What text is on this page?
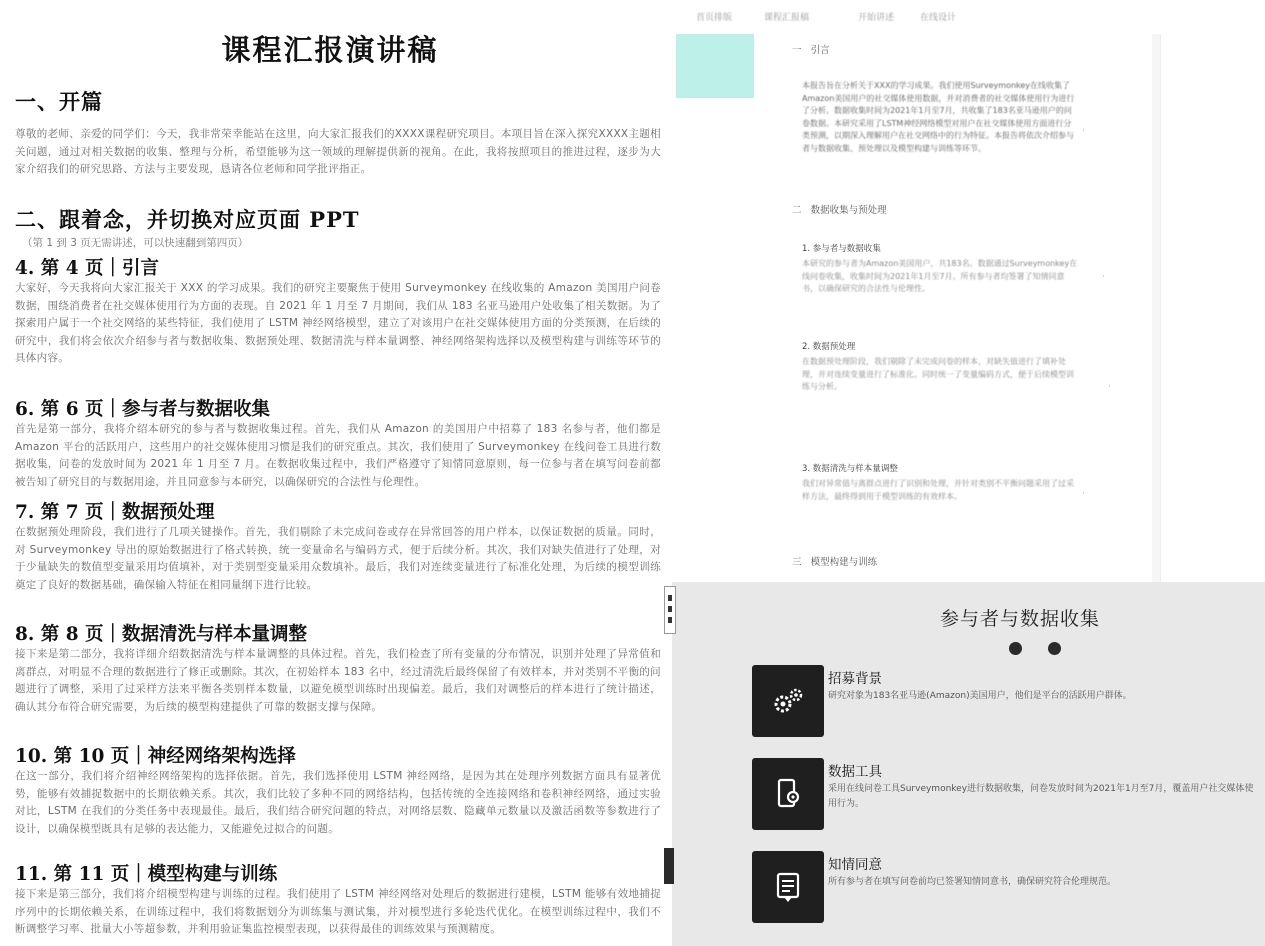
课程汇报演讲稿
一、开篇

尊敬的老师、亲爱的同学们：今天，我非常荣幸能站在这里，向大家汇报我们的XXXX课程研究项目。本项目旨在深入探究XXXX主题相关问题，通过对相关数据的收集、整理与分析，希望能够为这一领域的理解提供新的视角。在此，我将按照项目的推进过程，逐步为大家介绍我们的研究思路、方法与主要发现，恳请各位老师和同学批评指正。

二、跟着念，并切换对应页面 PPT

（第 1 到 3 页无需讲述，可以快速翻到第四页）

4. 第 4 页｜引言

大家好，今天我将向大家汇报关于 XXX 的学习成果。我们的研究主要聚焦于使用 Surveymonkey 在线收集的 Amazon 美国用户问卷数据，围绕消费者在社交媒体使用行为方面的表现。自 2021 年 1 月至 7 月期间，我们从 183 名亚马逊用户处收集了相关数据。为了探索用户属于一个社交网络的某些特征，我们使用了 LSTM 神经网络模型，建立了对该用户在社交媒体使用方面的分类预测，在后续的研究中，我们将会依次介绍参与者与数据收集、数据预处理、数据清洗与样本量调整、神经网络架构选择以及模型构建与训练等环节的具体内容。

6. 第 6 页｜参与者与数据收集

首先是第一部分，我将介绍本研究的参与者与数据收集过程。首先，我们从 Amazon 的美国用户中招募了 183 名参与者，他们都是 Amazon 平台的活跃用户，这些用户的社交媒体使用习惯是我们的研究重点。其次，我们使用了 Surveymonkey 在线问卷工具进行数据收集，问卷的发放时间为 2021 年 1 月至 7 月。在数据收集过程中，我们严格遵守了知情同意原则，每一位参与者在填写问卷前都被告知了研究目的与数据用途，并且同意参与本研究，以确保研究的合法性与伦理性。

7. 第 7 页｜数据预处理

在数据预处理阶段，我们进行了几项关键操作。首先，我们剔除了未完成问卷或存在异常回答的用户样本，以保证数据的质量。同时，对 Surveymonkey 导出的原始数据进行了格式转换，统一变量命名与编码方式，便于后续分析。其次，我们对缺失值进行了处理，对于少量缺失的数值型变量采用均值填补，对于类别型变量采用众数填补。最后，我们对连续变量进行了标准化处理，为后续的模型训练奠定了良好的数据基础，确保输入特征在相同量纲下进行比较。

8. 第 8 页｜数据清洗与样本量调整

接下来是第二部分，我将详细介绍数据清洗与样本量调整的具体过程。首先，我们检查了所有变量的分布情况，识别并处理了异常值和离群点，对明显不合理的数据进行了修正或删除。其次，在初始样本 183 名中，经过清洗后最终保留了有效样本，并对类别不平衡的问题进行了调整，采用了过采样方法来平衡各类别样本数量，以避免模型训练时出现偏差。最后，我们对调整后的样本进行了统计描述，确认其分布符合研究需要，为后续的模型构建提供了可靠的数据支撑与保障。

10. 第 10 页｜神经网络架构选择

在这一部分，我们将介绍神经网络架构的选择依据。首先，我们选择使用 LSTM 神经网络，是因为其在处理序列数据方面具有显著优势，能够有效捕捉数据中的长期依赖关系。其次，我们比较了多种不同的网络结构，包括传统的全连接网络和卷积神经网络，通过实验对比，LSTM 在我们的分类任务中表现最佳。最后，我们结合研究问题的特点，对网络层数、隐藏单元数量以及激活函数等参数进行了设计，以确保模型既具有足够的表达能力，又能避免过拟合的问题。

11. 第 11 页｜模型构建与训练

接下来是第三部分，我们将介绍模型构建与训练的过程。我们使用了 LSTM 神经网络对处理后的数据进行建模，LSTM 能够有效地捕捉序列中的长期依赖关系，在训练过程中，我们将数据划分为训练集与测试集，并对模型进行多轮迭代优化。在模型训练过程中，我们不断调整学习率、批量大小等超参数，并利用验证集监控模型表现，以获得最佳的训练效果与预测精度。

首页排版	课程汇报稿	开始讲述	在线设计
一 引言

本报告旨在分析关于XXX的学习成果。我们使用Surveymonkey在线收集了Amazon美国用户的社交媒体使用数据，并对消费者的社交媒体使用行为进行了分析。数据收集时间为2021年1月至7月，共收集了183名亚马逊用户的问卷数据。本研究采用了LSTM神经网络模型对用户在社交媒体使用方面进行分类预测，以期深入理解用户在社交网络中的行为特征。本报告将依次介绍参与者与数据收集、预处理以及模型构建与训练等环节。

·
二 数据收集与预处理
1. 参与者与数据收集

本研究的参与者为Amazon美国用户，共183名。数据通过Surveymonkey在线问卷收集，收集时间为2021年1月至7月。所有参与者均签署了知情同意书，以确保研究的合法性与伦理性。

·
2. 数据预处理

在数据预处理阶段，我们剔除了未完成问卷的样本，对缺失值进行了填补处理，并对连续变量进行了标准化。同时统一了变量编码方式，便于后续模型训练与分析。	·
3. 数据清洗与样本量调整

我们对异常值与离群点进行了识别和处理，并针对类别不平衡问题采用了过采样方法，最终得到用于模型训练的有效样本。	·
三 模型构建与训练
参与者与数据收集
招募背景
研究对象为183名亚马逊(Amazon)美国用户，他们是平台的活跃用户群体。
数据工具
采用在线问卷工具Surveymonkey进行数据收集，问卷发放时间为2021年1月至7月，覆盖用户社交媒体使用行为。
知情同意
所有参与者在填写问卷前均已签署知情同意书，确保研究符合伦理规范。
